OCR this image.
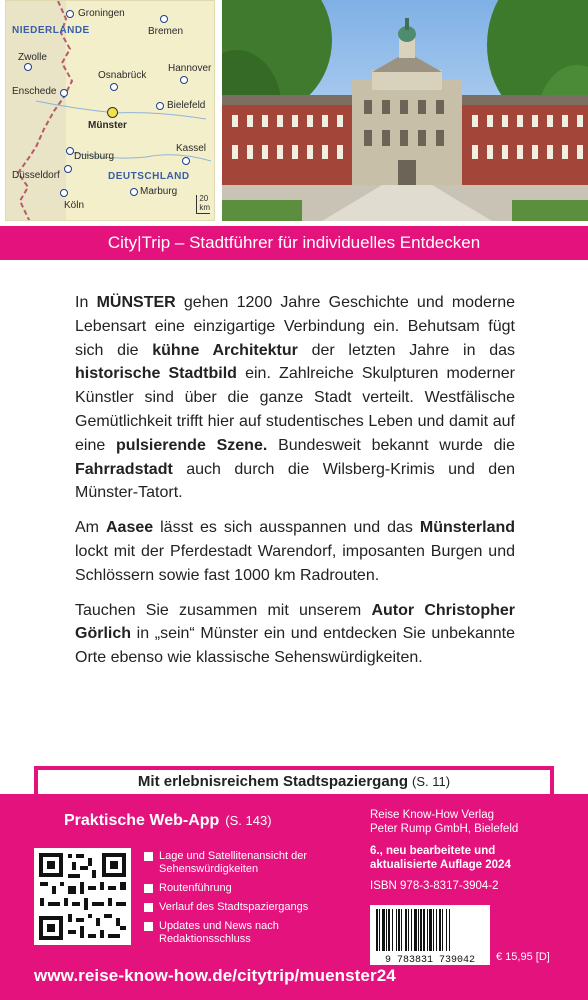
Groningen
NIEDERLANDE	Bremen
Zwolle
Hannover
Osnabrück
Enschede
Bielefeld
Münster
Duisburg
Kassel
Düsseldorf	DEUTSCHLAND
Marburg
Köln
20
km
City|Trip – Stadtführer für individuelles Entdecken

In MÜNSTER gehen 1200 Jahre Geschichte und moderne Lebensart eine einzigartige Verbindung ein. Behutsam fügt sich die kühne Architektur der letzten Jahre in das historische Stadtbild ein. Zahlreiche Skulpturen moderner Künstler sind über die ganze Stadt verteilt. Westfälische Gemütlichkeit trifft hier auf studentisches Leben und damit auf eine pulsierende Szene. Bundesweit bekannt wurde die Fahrradstadt auch durch die Wilsberg-Krimis und den Münster-Tatort.

Am Aasee lässt es sich ausspannen und das Münsterland lockt mit der Pferdestadt Warendorf, imposanten Burgen und Schlössern sowie fast 1000 km Radrouten.

Tauchen Sie zusammen mit unserem Autor Christopher Görlich in „sein“ Münster ein und entdecken Sie unbekannte Orte ebenso wie klassische Sehenswürdigkeiten.

Praktische Web-App (S. 143)
Lage und Satellitenansicht der Sehenswürdigkeiten
Routenführung
Verlauf des Stadtspaziergangs
Updates und News nach Redaktionsschluss
Reise Know-How Verlag
Peter Rump GmbH, Bielefeld
6., neu bearbeitete und
aktualisierte Auflage 2024
ISBN 978-3-8317-3904-2
9 783831 739042 € 15,95 [D]
www.reise-know-how.de/citytrip/muenster24
Mit erlebnisreichem Stadtspaziergang (S. 11)
